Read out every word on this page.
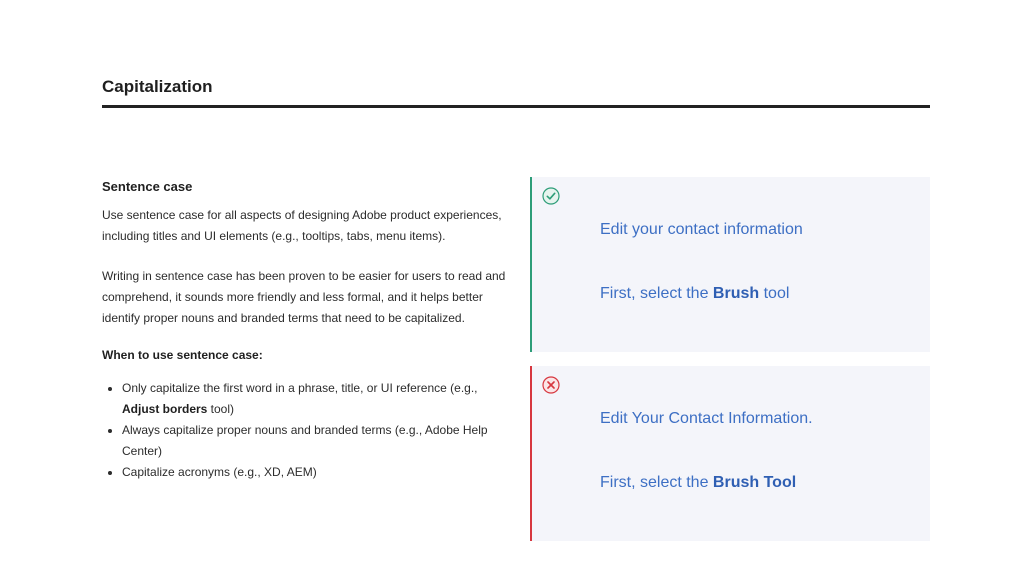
Capitalization
Sentence case

Use sentence case for all aspects of designing Adobe product experiences, including titles and UI elements (e.g., tooltips, tabs, menu items).

Writing in sentence case has been proven to be easier for users to read and comprehend, it sounds more friendly and less formal, and it helps better identify proper nouns and branded terms that need to be capitalized.

When to use sentence case:

• Only capitalize the first word in a phrase, title, or UI reference (e.g., Adjust borders tool)
• Always capitalize proper nouns and branded terms (e.g., Adobe Help Center)
• Capitalize acronyms (e.g., XD, AEM)
Edit your contact information
First, select the Brush tool
Edit Your Contact Information.
First, select the Brush Tool
